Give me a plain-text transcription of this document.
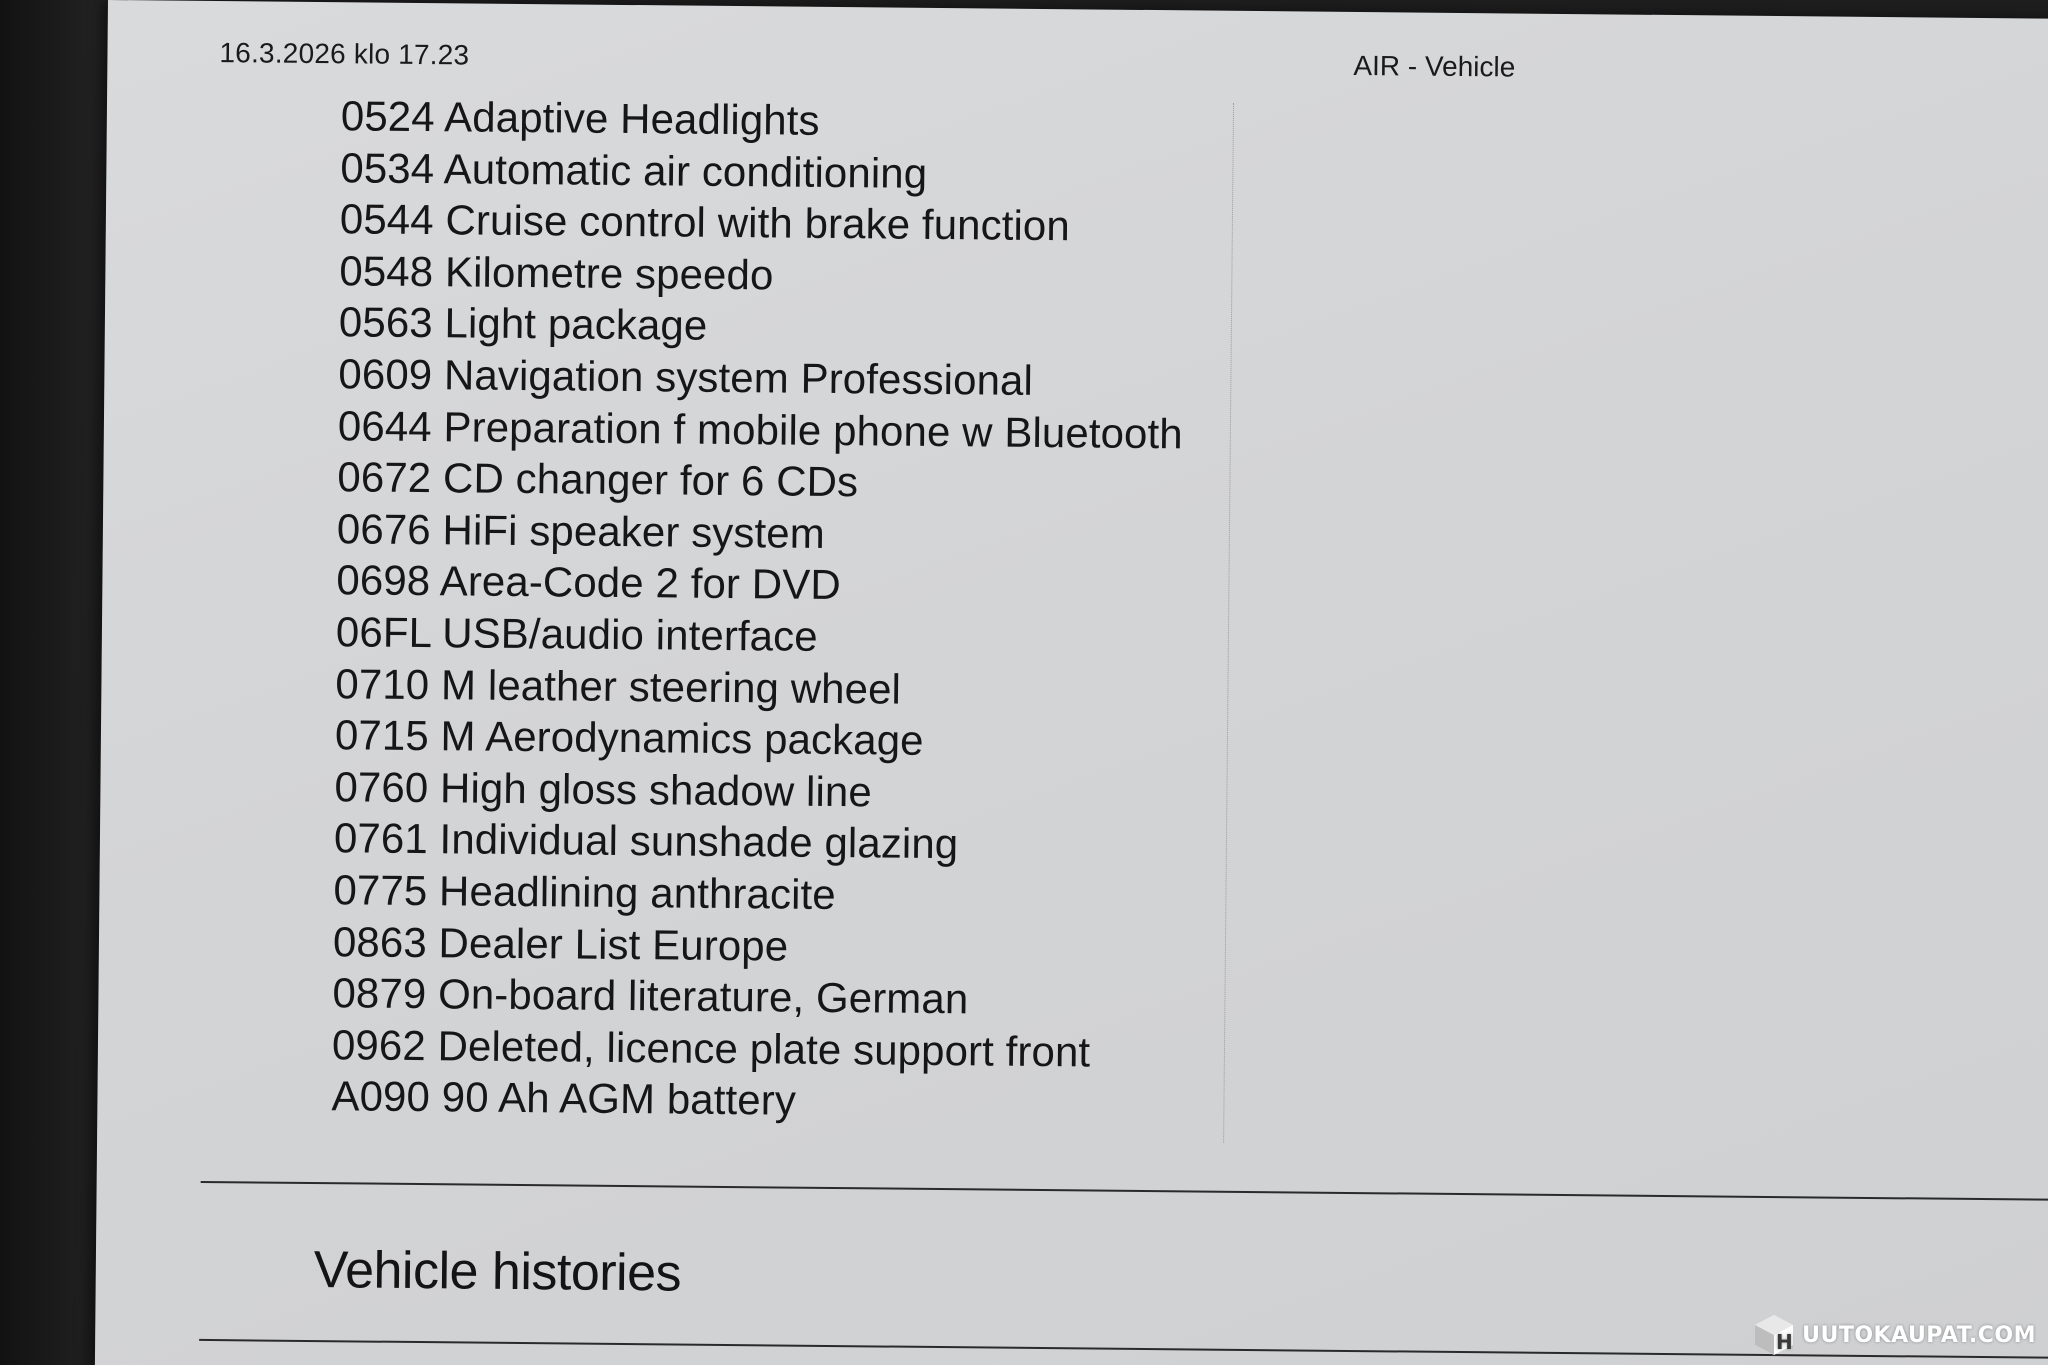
16.3.2026 klo 17.23	AIR - Vehicle
0524 Adaptive Headlights
0534 Automatic air conditioning
0544 Cruise control with brake function
0548 Kilometre speedo
0563 Light package
0609 Navigation system Professional
0644 Preparation f mobile phone w Bluetooth
0672 CD changer for 6 CDs
0676 HiFi speaker system
0698 Area-Code 2 for DVD
06FL USB/audio interface
0710 M leather steering wheel
0715 M Aerodynamics package
0760 High gloss shadow line
0761 Individual sunshade glazing
0775 Headlining anthracite
0863 Dealer List Europe
0879 On-board literature, German
0962 Deleted, licence plate support front
A090 90 Ah AGM battery
Vehicle histories
H UUTOKAUPAT.COM
